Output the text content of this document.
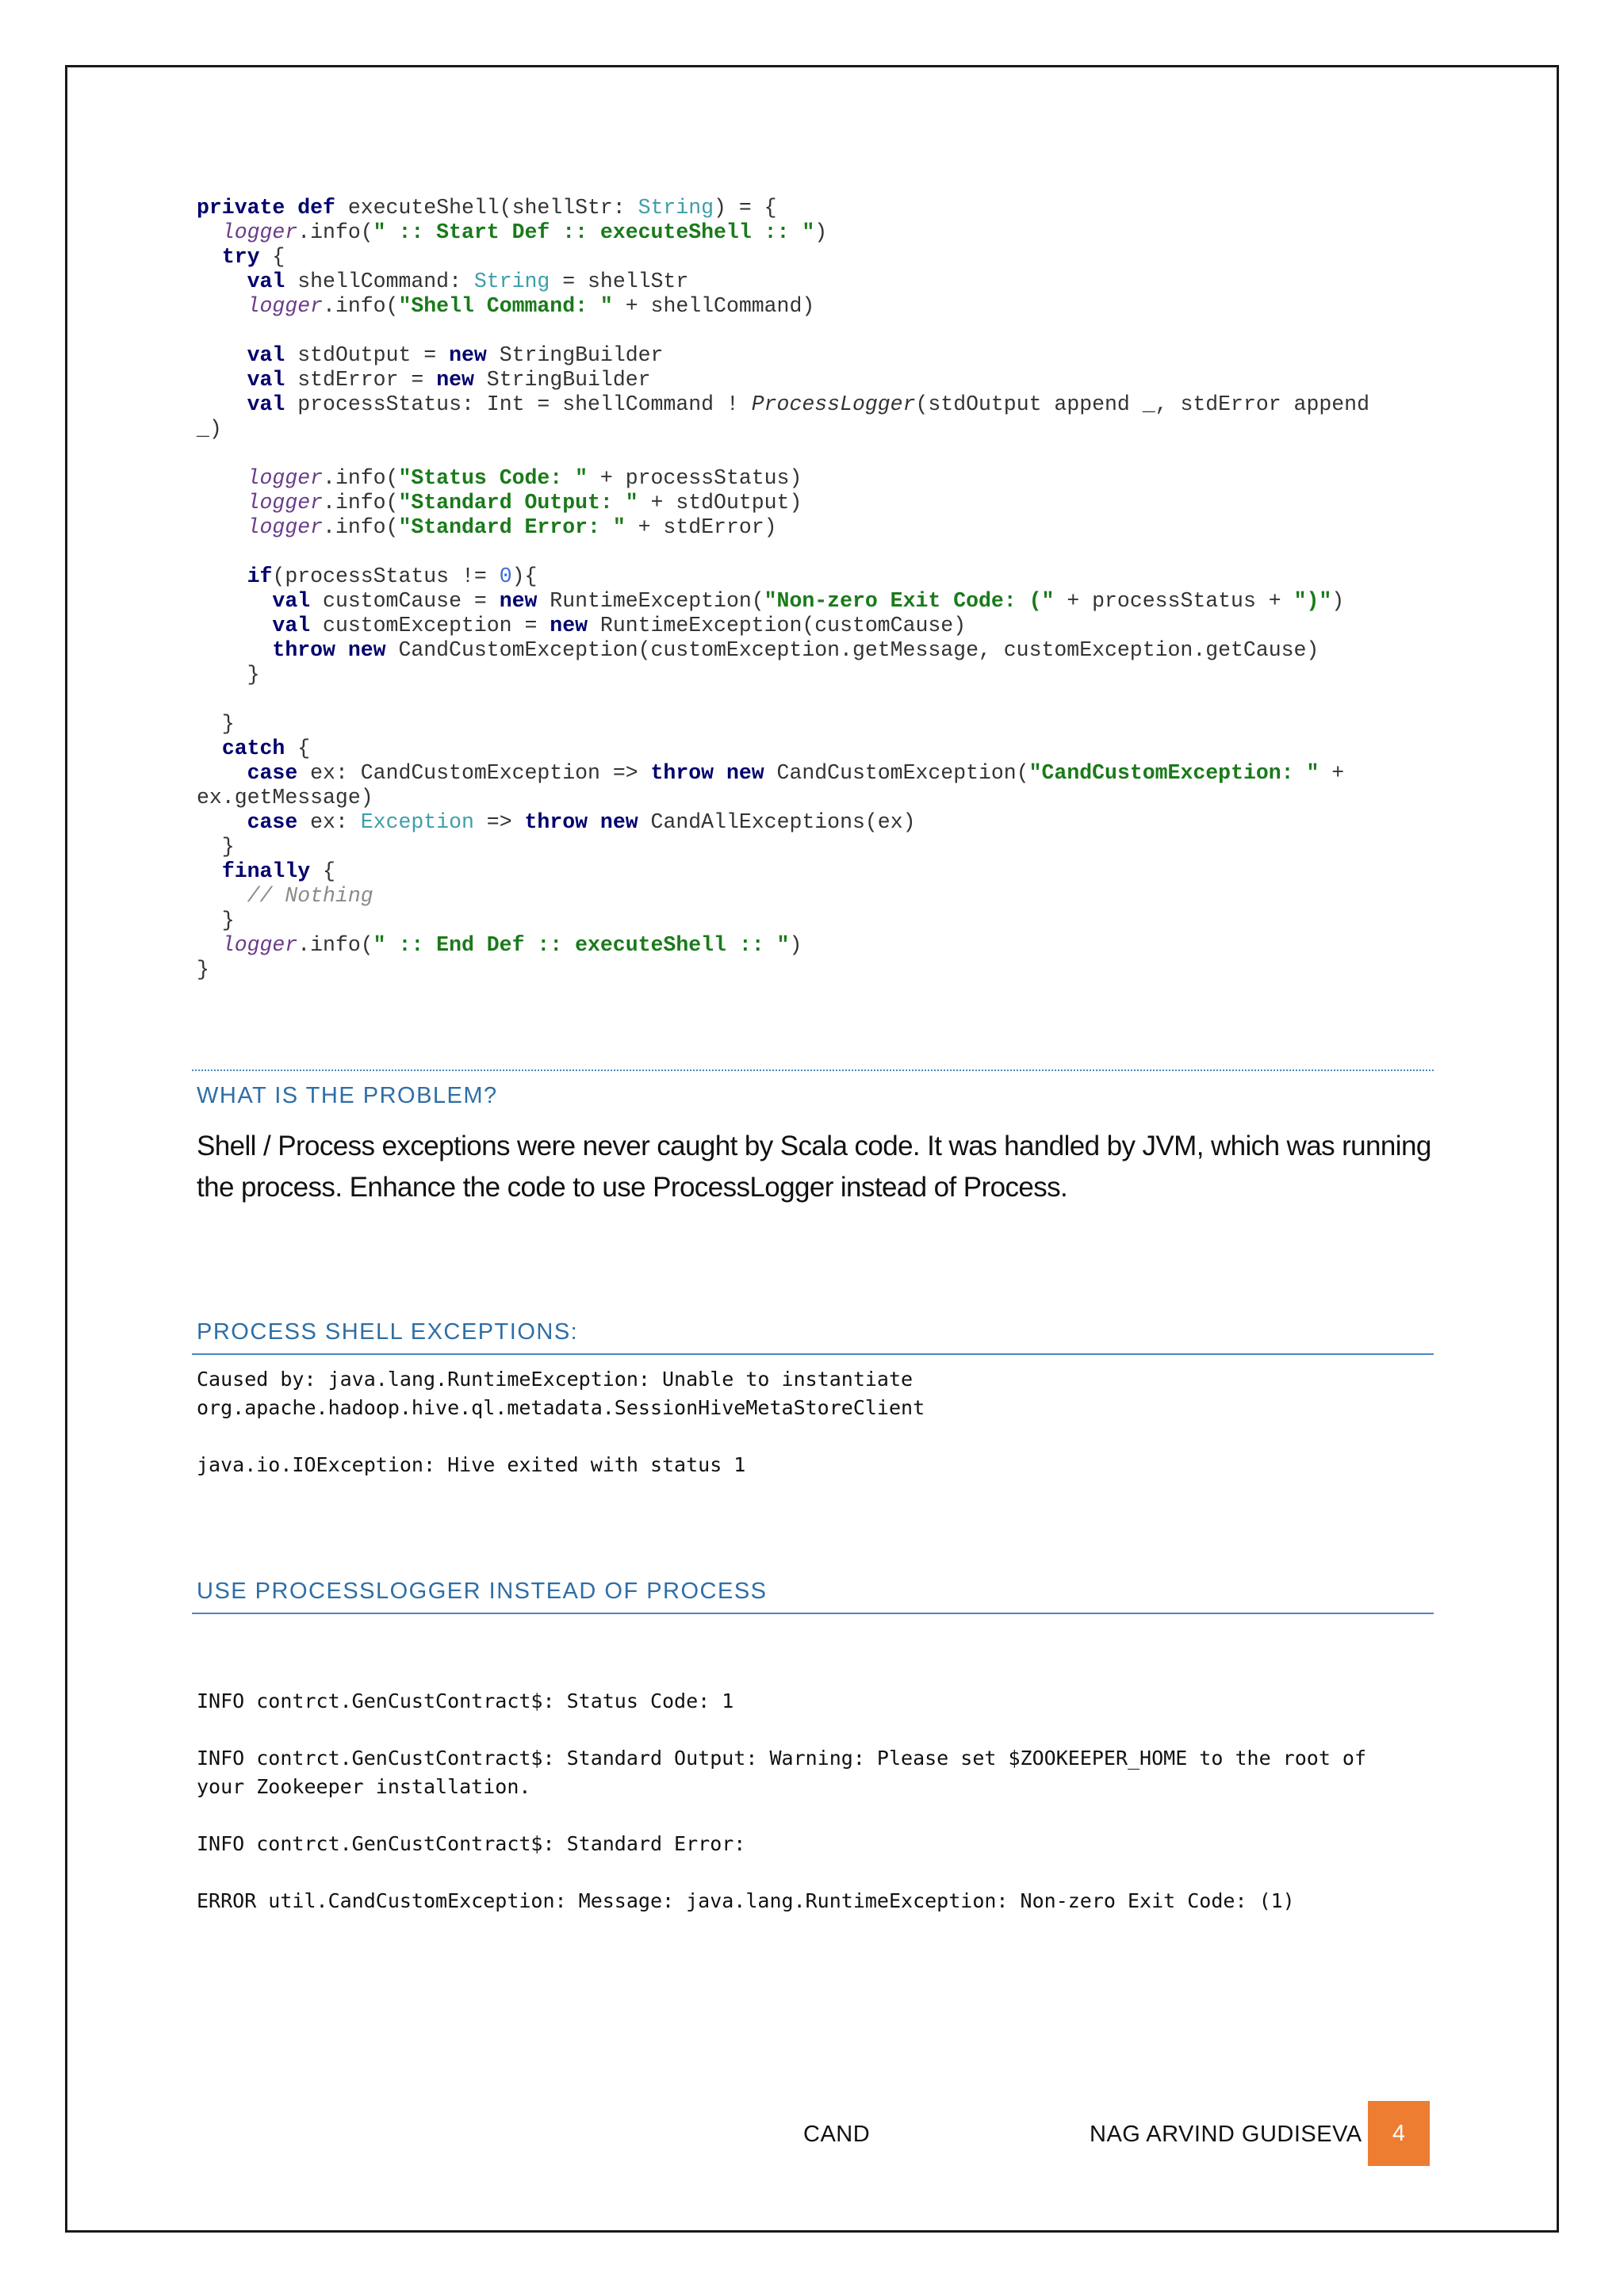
private def executeShell(shellStr: String) = {
logger.info(" :: Start Def :: executeShell :: ")
try {
val shellCommand: String = shellStr
logger.info("Shell Command: " + shellCommand)
val stdOutput = new StringBuilder
val stdError = new StringBuilder
val processStatus: Int = shellCommand ! ProcessLogger(stdOutput append _, stdError append
_)
logger.info("Status Code: " + processStatus)
logger.info("Standard Output: " + stdOutput)
logger.info("Standard Error: " + stdError)
if(processStatus != 0){
val customCause = new RuntimeException("Non-zero Exit Code: (" + processStatus + ")")
val customException = new RuntimeException(customCause)
throw new CandCustomException(customException.getMessage, customException.getCause)
}
}
catch {
case ex: CandCustomException => throw new CandCustomException("CandCustomException: " +
ex.getMessage)
case ex: Exception => throw new CandAllExceptions(ex)
}
finally {
// Nothing
}
logger.info(" :: End Def :: executeShell :: ")
}
WHAT IS THE PROBLEM?
Shell / Process exceptions were never caught by Scala code. It was handled by JVM, which was running the process. Enhance the code to use ProcessLogger instead of Process.
PROCESS SHELL EXCEPTIONS:
Caused by: java.lang.RuntimeException: Unable to instantiate
org.apache.hadoop.hive.ql.metadata.SessionHiveMetaStoreClient

java.io.IOException: Hive exited with status 1
USE PROCESSLOGGER INSTEAD OF PROCESS
INFO contrct.GenCustContract$: Status Code: 1

INFO contrct.GenCustContract$: Standard Output: Warning: Please set $ZOOKEEPER_HOME to the root of
your Zookeeper installation.

INFO contrct.GenCustContract$: Standard Error:

ERROR util.CandCustomException: Message: java.lang.RuntimeException: Non-zero Exit Code: (1)
CAND	NAG ARVIND GUDISEVA	4
